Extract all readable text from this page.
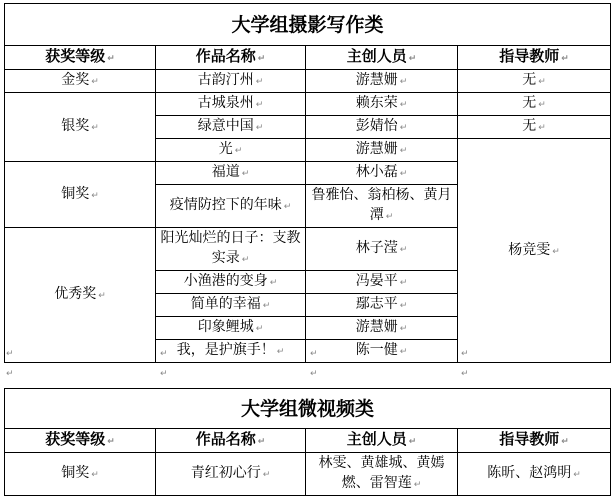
大学组摄影写作类			
获奖等级 ↵	作品名称 ↵	主创人员 ↵	指导教师 ↵
金奖 ↵	古韵汀州 ↵	游慧姗 ↵	无 ↵
银奖 ↵	古城泉州 ↵	赖东荣 ↵	无 ↵
	绿意中国 ↵	彭婧怡 ↵	无 ↵
	光 ↵	游慧姗 ↵	杨竞雯 ↵
铜奖 ↵	福道 ↵	林小磊 ↵	
	疫情防控下的年味 ↵	鲁雅怡、翁柏杨、黄月潭 ↵	
优秀奖 ↵	阳光灿烂的日子：支教实录 ↵	林子滢 ↵	
	小渔港的变身 ↵	冯晏平 ↵	
	简单的幸福 ↵	鄢志平 ↵	
	印象鲤城 ↵	游慧姗 ↵	
	我，是护旗手！ ↵	陈一健 ↵	
↵	↵	↵	↵
↵	↵	↵	↵
大学组微视频类			
获奖等级 ↵	作品名称 ↵	主创人员 ↵	指导教师 ↵
铜奖 ↵	青红初心行 ↵	林雯、黄雄城、黄嫣燃、雷智莲 ↵	陈昕、赵鸿明 ↵
